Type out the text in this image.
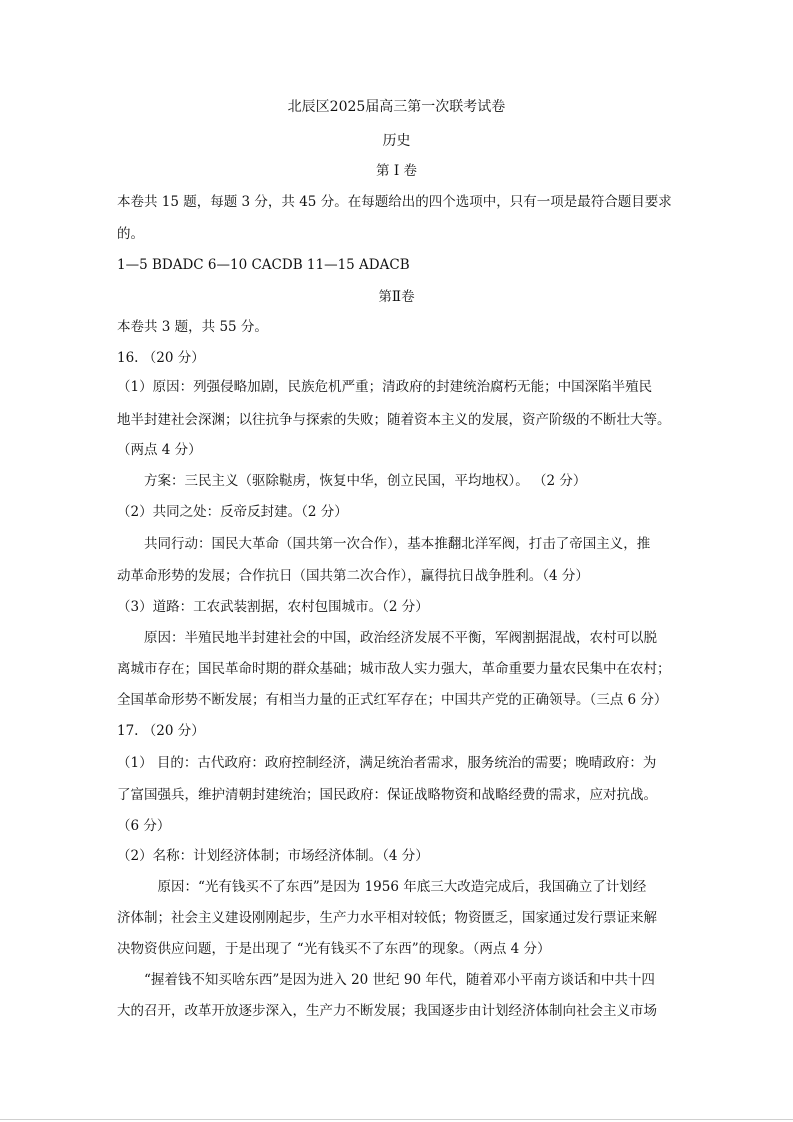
北辰区2025届高三第一次联考试卷
历史
第 I 卷
本卷共 15 题，每题 3 分，共 45 分。在每题给出的四个选项中，只有一项是最符合题目要求
的。
1—5 BDADC 6—10 CACDB 11—15 ADACB
第Ⅱ卷
本卷共 3 题，共 55 分。
16. （20 分）
（1）原因：列强侵略加剧，民族危机严重；清政府的封建统治腐朽无能；中国深陷半殖民
地半封建社会深渊；以往抗争与探索的失败；随着资本主义的发展，资产阶级的不断壮大等。
（两点 4 分）
　　方案：三民主义（驱除鞑虏，恢复中华，创立民国，平均地权）。 （2 分）
（2）共同之处：反帝反封建。（2 分）
　　共同行动：国民大革命（国共第一次合作），基本推翻北洋军阀，打击了帝国主义，推
动革命形势的发展；合作抗日（国共第二次合作），赢得抗日战争胜利。（4 分）
（3）道路：工农武装割据，农村包围城市。（2 分）
　　原因：半殖民地半封建社会的中国，政治经济发展不平衡，军阀割据混战，农村可以脱
离城市存在；国民革命时期的群众基础；城市敌人实力强大，革命重要力量农民集中在农村；
全国革命形势不断发展；有相当力量的正式红军存在；中国共产党的正确领导。（三点 6 分）
17. （20 分）
（1） 目的：古代政府：政府控制经济，满足统治者需求，服务统治的需要；晚晴政府：为
了富国强兵，维护清朝封建统治；国民政府：保证战略物资和战略经费的需求，应对抗战。
（6 分）
（2）名称：计划经济体制；市场经济体制。（4 分）
　　　原因：“光有钱买不了东西”是因为 1956 年底三大改造完成后，我国确立了计划经
济体制；社会主义建设刚刚起步，生产力水平相对较低；物资匮乏，国家通过发行票证来解
决物资供应问题，于是出现了 “光有钱买不了东西”的现象。（两点 4 分）
　　“握着钱不知买啥东西”是因为进入 20 世纪 90 年代，随着邓小平南方谈话和中共十四
大的召开，改革开放逐步深入，生产力不断发展；我国逐步由计划经济体制向社会主义市场
